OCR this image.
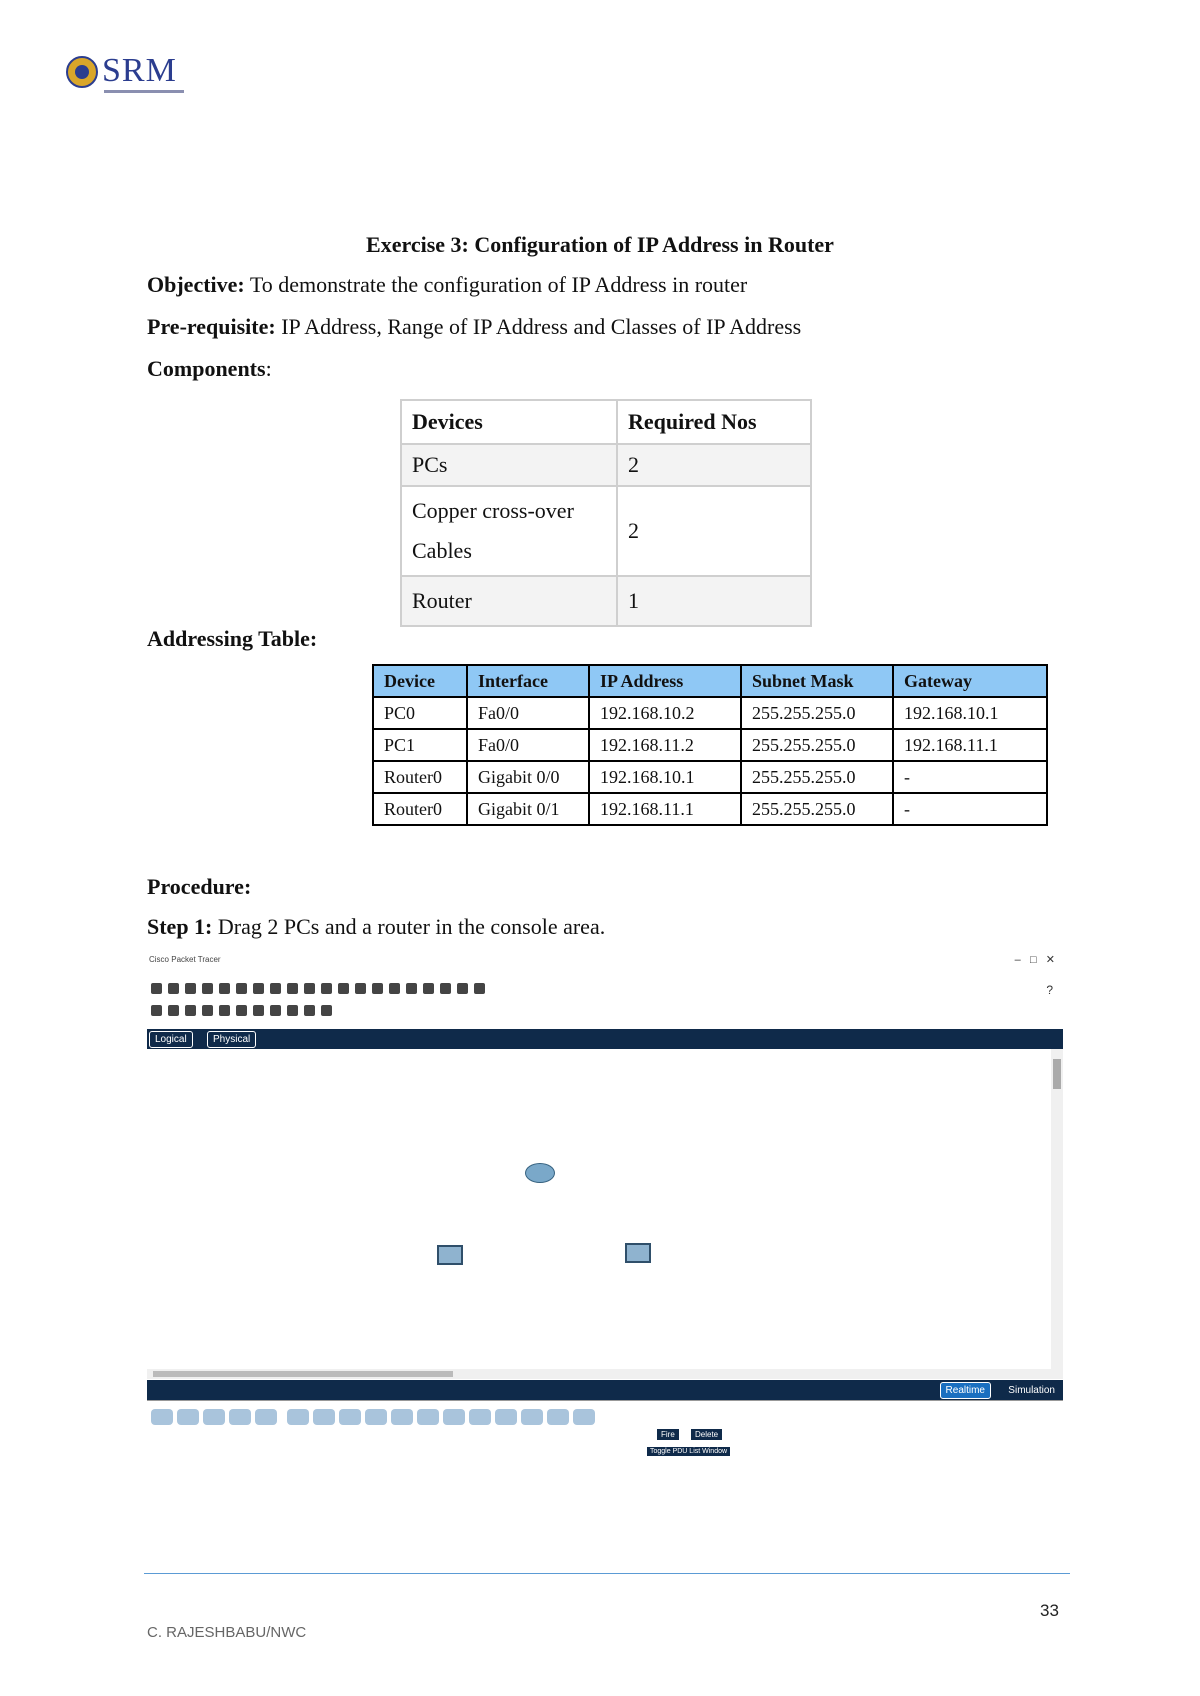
SRM
Exercise 3: Configuration of IP Address in Router
Objective: To demonstrate the configuration of IP Address in router
Pre-requisite: IP Address, Range of IP Address and Classes of IP Address
Components:
Devices	Required Nos
PCs	2
Copper cross-over
Cables	2
Router	1
Addressing Table:
Device	Interface	IP Address	Subnet Mask	Gateway
PC0	Fa0/0	192.168.10.2	255.255.255.0	192.168.10.1
PC1	Fa0/0	192.168.11.2	255.255.255.0	192.168.11.1
Router0	Gigabit 0/0	192.168.10.1	255.255.255.0	-
Router0	Gigabit 0/1	192.168.11.1	255.255.255.0	-
Procedure:
Step 1: Drag 2 PCs and a router in the console area.
Cisco Packet Tracer	–   □   ✕
?
Logical	Physical
Realtime	Simulation
Fire	Delete
Toggle PDU List Window
33
C. RAJESHBABU/NWC
